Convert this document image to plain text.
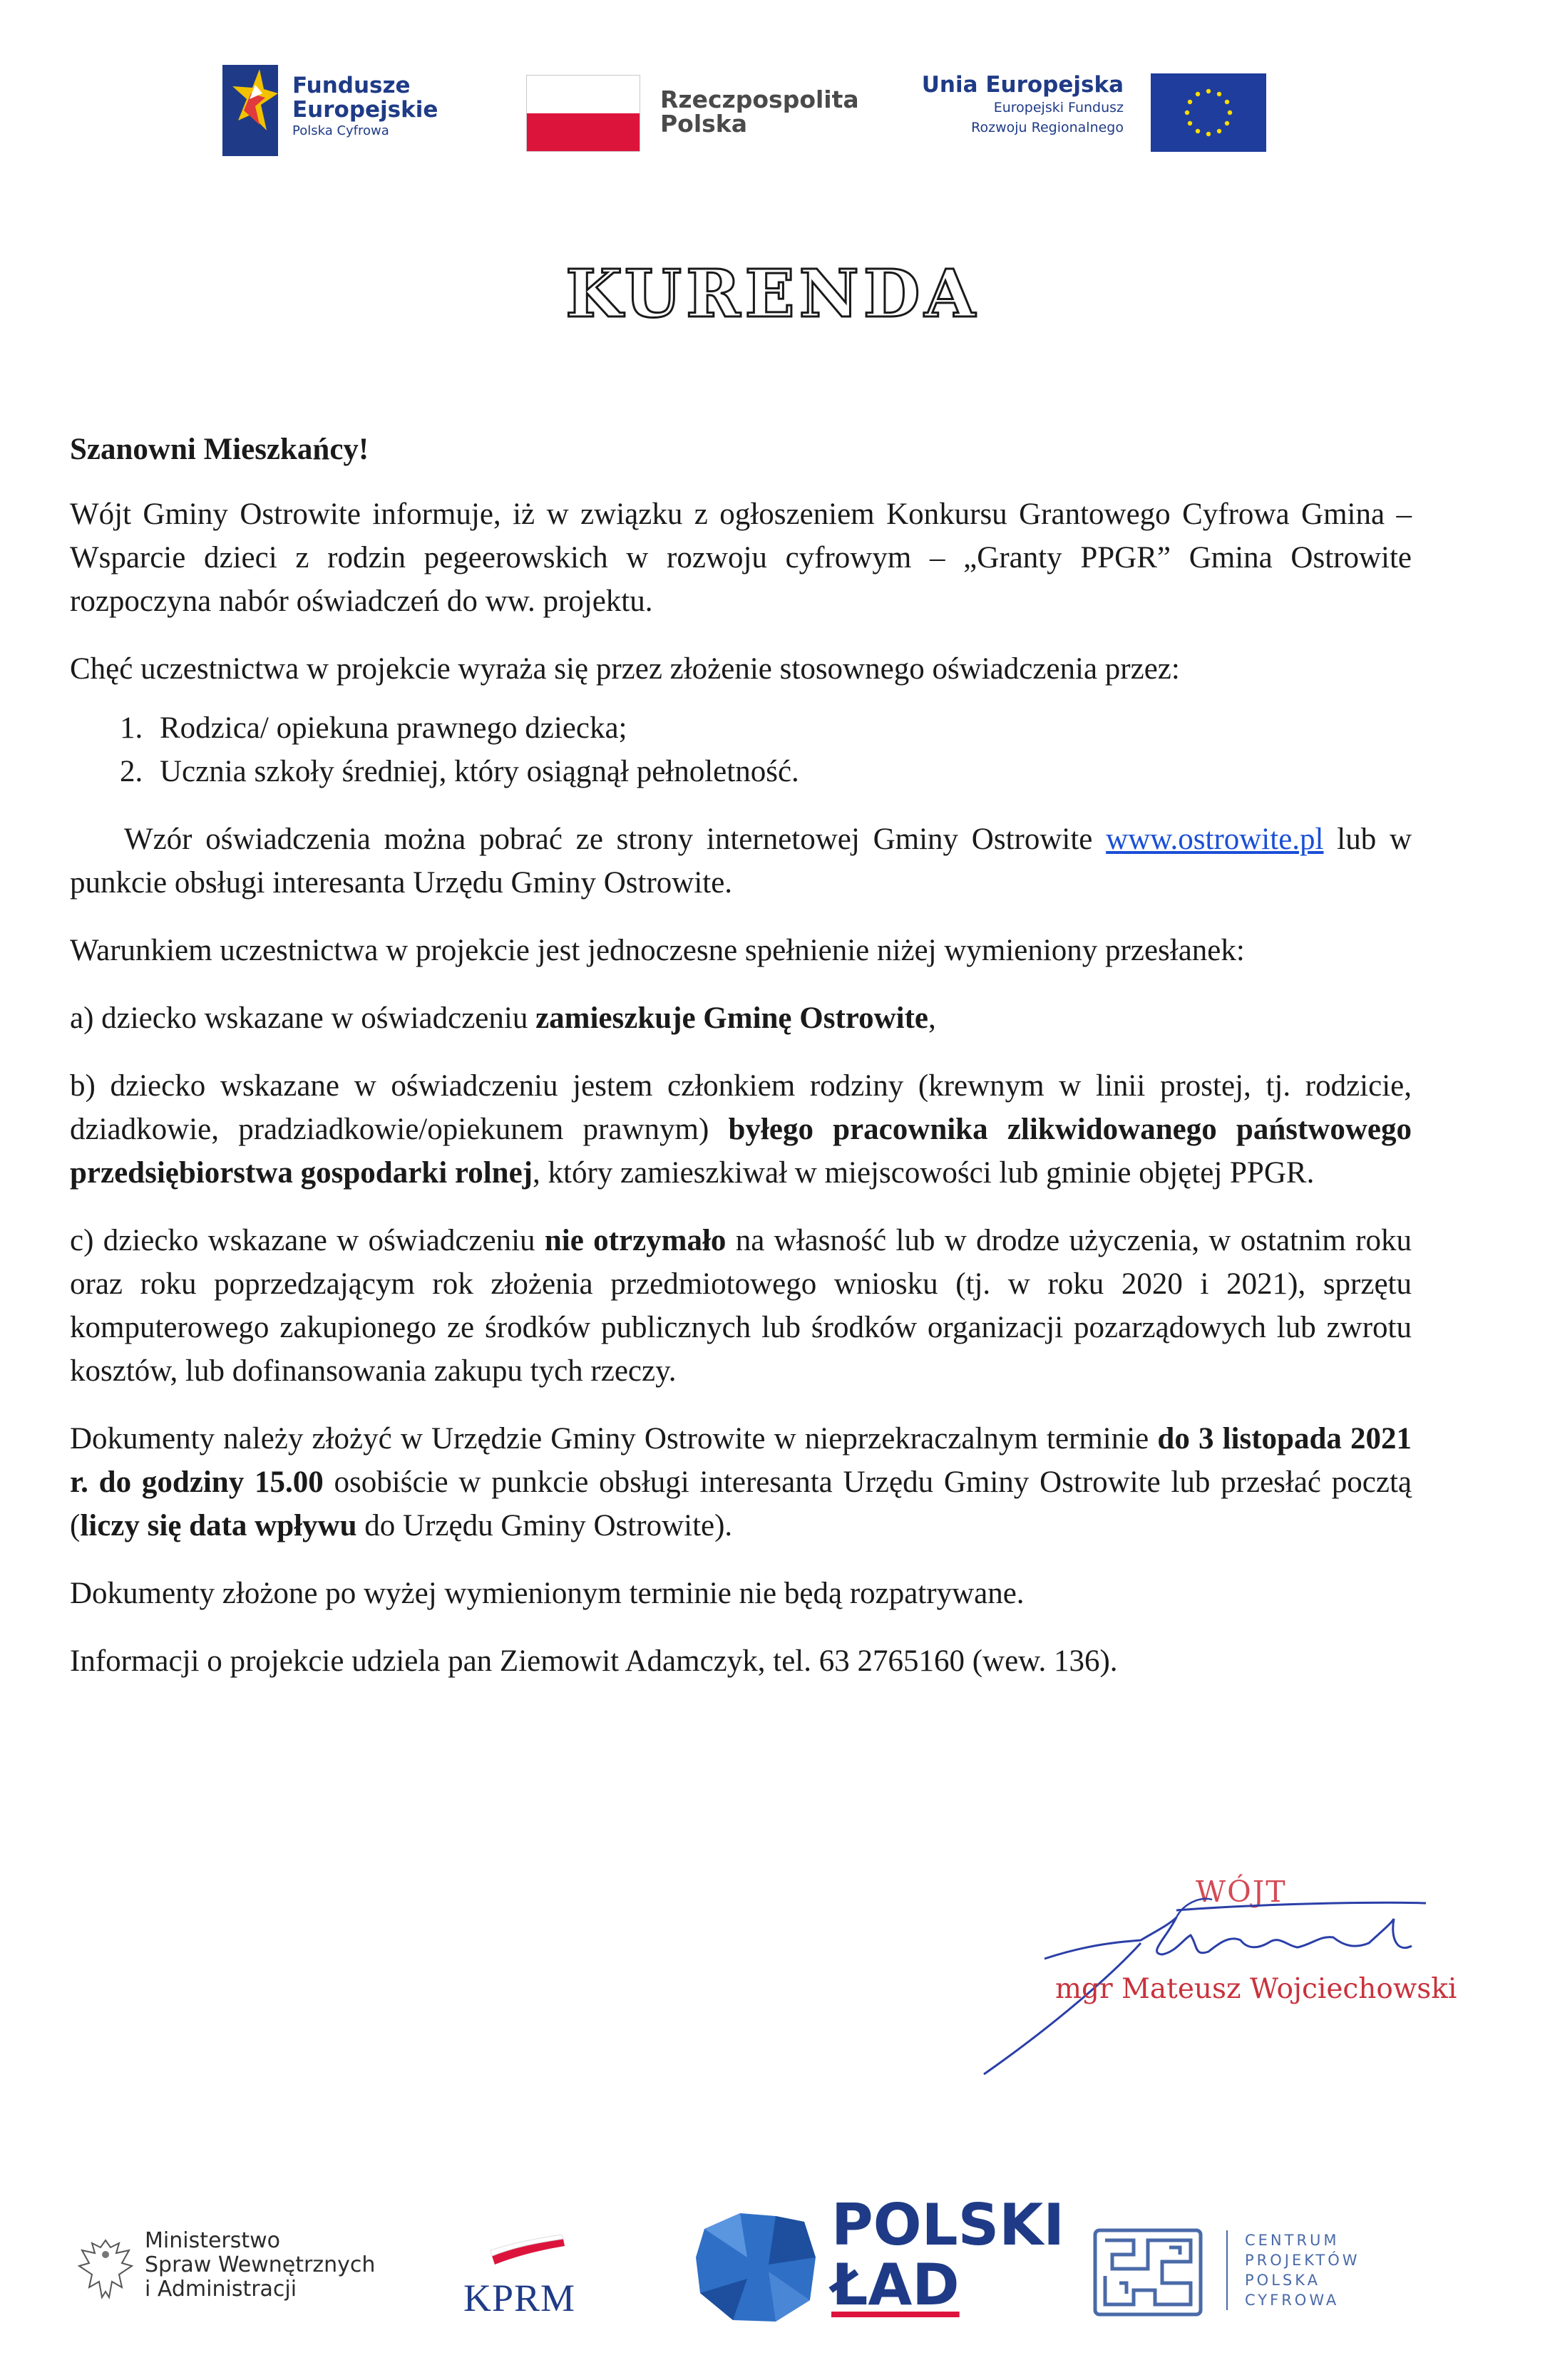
Fundusze
Europejskie
Polska Cyfrowa
Rzeczpospolita
Polska
Unia Europejska
Europejski Fundusz
Rozwoju Regionalnego
KURENDA

Szanowni Mieszkańcy!

Wójt Gminy Ostrowite informuje, iż w związku z ogłoszeniem Konkursu Grantowego Cyfrowa Gmina – Wsparcie dzieci z rodzin pegeerowskich w rozwoju cyfrowym – „Granty PPGR” Gmina Ostrowite rozpoczyna nabór oświadczeń do ww. projektu.

Chęć uczestnictwa w projekcie wyraża się przez złożenie stosownego oświadczenia przez:

1. Rodzica/ opiekuna prawnego dziecka;
2. Ucznia szkoły średniej, który osiągnął pełnoletność.

Wzór oświadczenia można pobrać ze strony internetowej Gminy Ostrowite www.ostrowite.pl lub w punkcie obsługi interesanta Urzędu Gminy Ostrowite.

Warunkiem uczestnictwa w projekcie jest jednoczesne spełnienie niżej wymieniony przesłanek:

a) dziecko wskazane w oświadczeniu zamieszkuje Gminę Ostrowite,

b) dziecko wskazane w oświadczeniu jestem członkiem rodziny (krewnym w linii prostej, tj. rodzicie, dziadkowie, pradziadkowie/opiekunem prawnym) byłego pracownika zlikwidowanego państwowego przedsiębiorstwa gospodarki rolnej, który zamieszkiwał w miejscowości lub gminie objętej PPGR.

c) dziecko wskazane w oświadczeniu nie otrzymało na własność lub w drodze użyczenia, w ostatnim roku oraz roku poprzedzającym rok złożenia przedmiotowego wniosku (tj. w roku 2020 i 2021), sprzętu komputerowego zakupionego ze środków publicznych lub środków organizacji pozarządowych lub zwrotu kosztów, lub dofinansowania zakupu tych rzeczy.

Dokumenty należy złożyć w Urzędzie Gminy Ostrowite w nieprzekraczalnym terminie do 3 listopada 2021 r. do godziny 15.00 osobiście w punkcie obsługi interesanta Urzędu Gminy Ostrowite lub przesłać pocztą (liczy się data wpływu do Urzędu Gminy Ostrowite).

Dokumenty złożone po wyżej wymienionym terminie nie będą rozpatrywane.

Informacji o projekcie udziela pan Ziemowit Adamczyk, tel. 63 2765160 (wew. 136).

WÓJT
mgr Mateusz Wojciechowski
Ministerstwo
Spraw Wewnętrznych
i Administracji	KPRM
POLSKI
ŁAD
CENTRUM
PROJEKTÓW
POLSKA
CYFROWA
